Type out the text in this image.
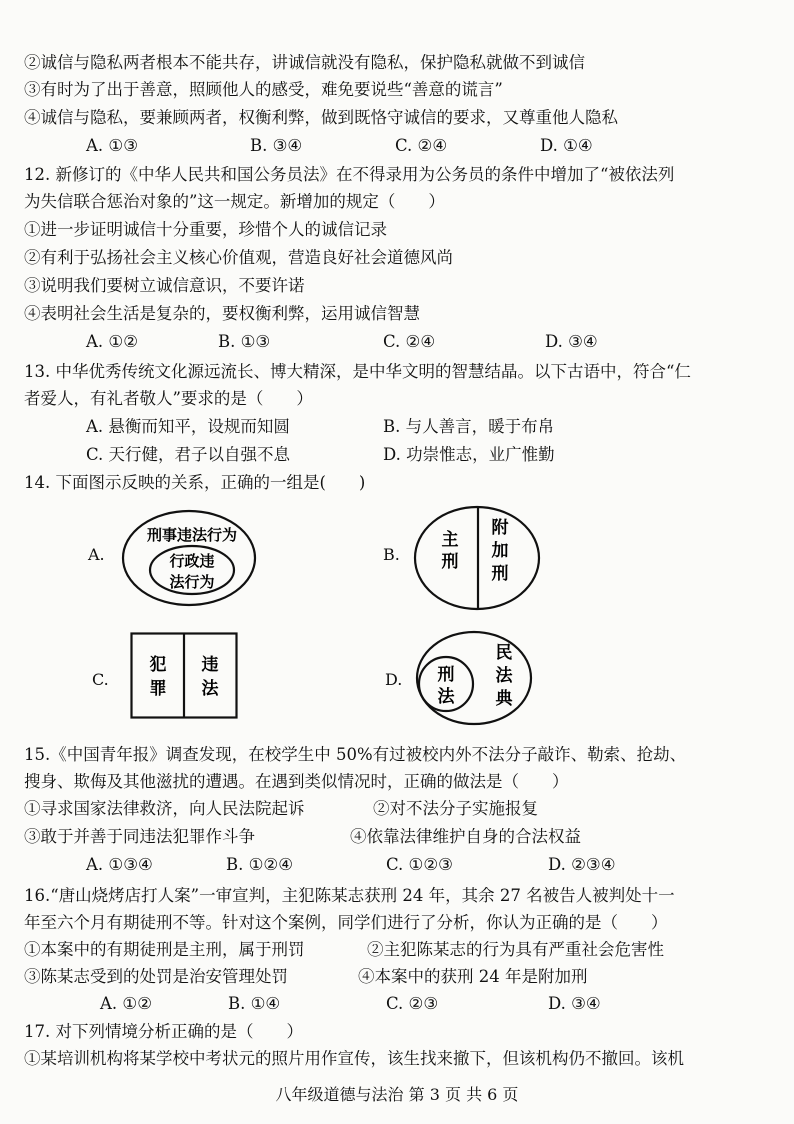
②诚信与隐私两者根本不能共存，讲诚信就没有隐私，保护隐私就做不到诚信
③有时为了出于善意，照顾他人的感受，难免要说些“善意的谎言”
④诚信与隐私，要兼顾两者，权衡利弊，做到既恪守诚信的要求，又尊重他人隐私
A. ①③	B. ③④	C. ②④	D. ①④
12. 新修订的《中华人民共和国公务员法》在不得录用为公务员的条件中增加了“被依法列
为失信联合惩治对象的”这一规定。新增加的规定（　　）
①进一步证明诚信十分重要，珍惜个人的诚信记录
②有利于弘扬社会主义核心价值观，营造良好社会道德风尚
③说明我们要树立诚信意识，不要许诺
④表明社会生活是复杂的，要权衡利弊，运用诚信智慧
A. ①②	B. ①③	C. ②④	D. ③④
13. 中华优秀传统文化源远流长、博大精深，是中华文明的智慧结晶。以下古语中，符合“仁
者爱人，有礼者敬人”要求的是（　　）
A. 悬衡而知平，设规而知圆	B. 与人善言，暖于布帛
C. 天行健，君子以自强不息	D. 功崇惟志，业广惟勤
14. 下面图示反映的关系，正确的一组是(　　)
A.
刑事违法行为
行政违
法行为
B.
主
刑
附
加
刑
C.
犯
罪
违
法	D. 刑
法
民
法
典
15.《中国青年报》调查发现，在校学生中 50%有过被校内外不法分子敲诈、勒索、抢劫、
搜身、欺侮及其他滋扰的遭遇。在遇到类似情况时，正确的做法是（　　）
①寻求国家法律救济，向人民法院起诉	②对不法分子实施报复
③敢于并善于同违法犯罪作斗争	④依靠法律维护自身的合法权益
A. ①③④	B. ①②④	C. ①②③	D. ②③④
16.“唐山烧烤店打人案”一审宣判，主犯陈某志获刑 24 年，其余 27 名被告人被判处十一
年至六个月有期徒刑不等。针对这个案例，同学们进行了分析，你认为正确的是（　　）
①本案中的有期徒刑是主刑，属于刑罚	②主犯陈某志的行为具有严重社会危害性
③陈某志受到的处罚是治安管理处罚	④本案中的获刑 24 年是附加刑
A. ①②	B. ①④	C. ②③	D. ③④
17. 对下列情境分析正确的是（　　）
①某培训机构将某学校中考状元的照片用作宣传，该生找来撤下，但该机构仍不撤回。该机
八年级道德与法治 第 3 页 共 6 页
